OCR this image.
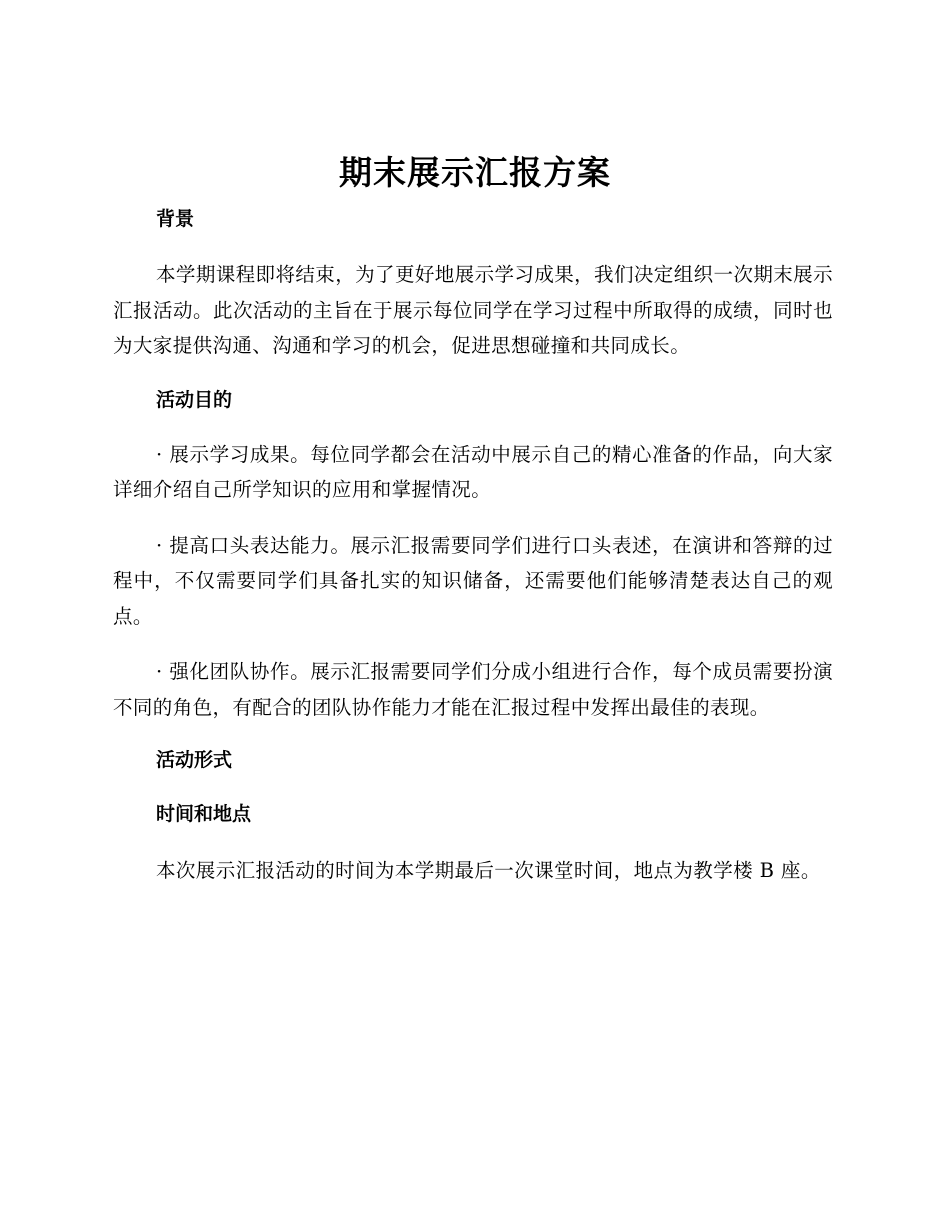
期末展示汇报方案
背景

本学期课程即将结束，为了更好地展示学习成果，我们决定组织一次期末展示汇报活动。此次活动的主旨在于展示每位同学在学习过程中所取得的成绩，同时也为大家提供沟通、沟通和学习的机会，促进思想碰撞和共同成长。

活动目的

· 展示学习成果。每位同学都会在活动中展示自己的精心准备的作品，向大家详细介绍自己所学知识的应用和掌握情况。

· 提高口头表达能力。展示汇报需要同学们进行口头表述，在演讲和答辩的过程中，不仅需要同学们具备扎实的知识储备，还需要他们能够清楚表达自己的观点。

· 强化团队协作。展示汇报需要同学们分成小组进行合作，每个成员需要扮演不同的角色，有配合的团队协作能力才能在汇报过程中发挥出最佳的表现。

活动形式
时间和地点

本次展示汇报活动的时间为本学期最后一次课堂时间，地点为教学楼 B 座。
